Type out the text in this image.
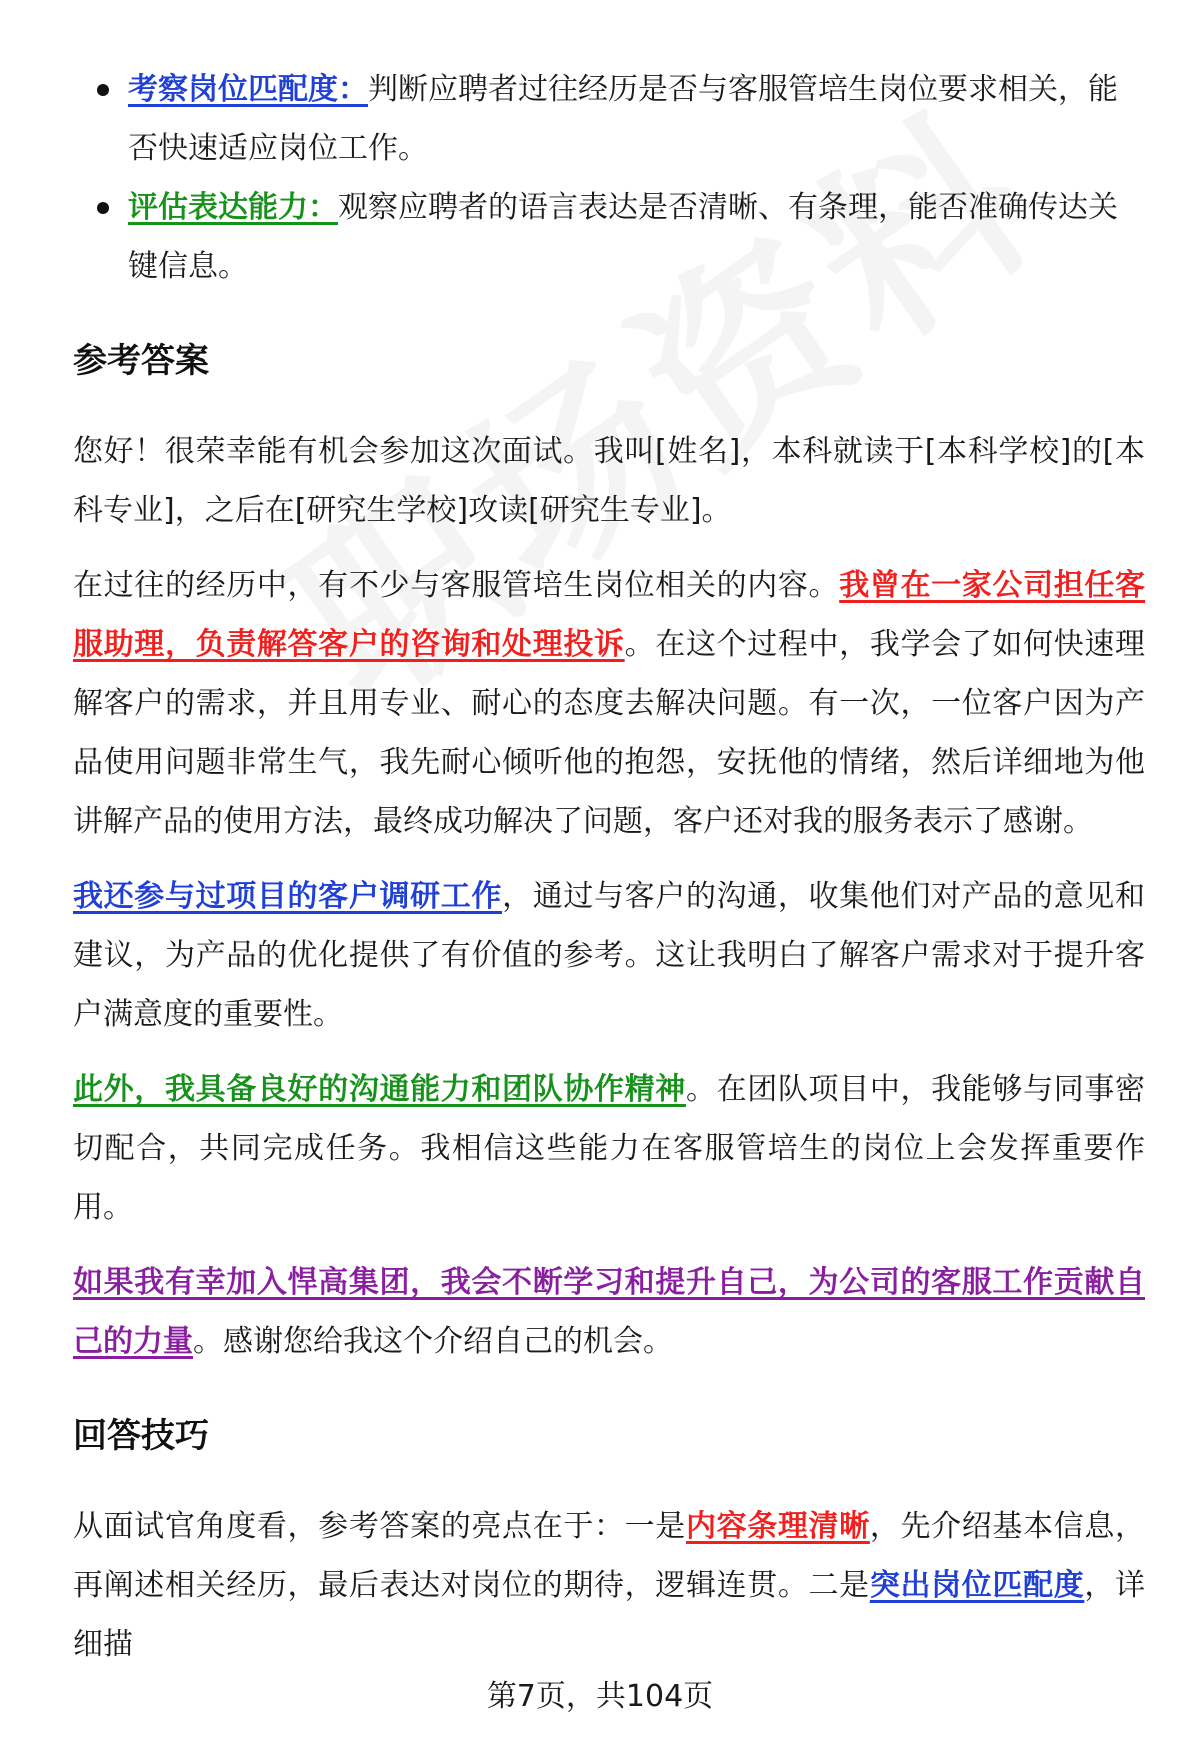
考察岗位匹配度：判断应聘者过往经历是否与客服管培生岗位要求相关，能否快速适应岗位工作。
评估表达能力：观察应聘者的语言表达是否清晰、有条理，能否准确传达关键信息。
参考答案

您好！很荣幸能有机会参加这次面试。我叫[姓名]，本科就读于[本科学校]的[本科专业]，之后在[研究生学校]攻读[研究生专业]。

在过往的经历中，有不少与客服管培生岗位相关的内容。我曾在一家公司担任客服助理，负责解答客户的咨询和处理投诉。在这个过程中，我学会了如何快速理解客户的需求，并且用专业、耐心的态度去解决问题。有一次，一位客户因为产品使用问题非常生气，我先耐心倾听他的抱怨，安抚他的情绪，然后详细地为他讲解产品的使用方法，最终成功解决了问题，客户还对我的服务表示了感谢。

我还参与过项目的客户调研工作，通过与客户的沟通，收集他们对产品的意见和建议，为产品的优化提供了有价值的参考。这让我明白了解客户需求对于提升客户满意度的重要性。

此外，我具备良好的沟通能力和团队协作精神。在团队项目中，我能够与同事密切配合，共同完成任务。我相信这些能力在客服管培生的岗位上会发挥重要作用。

如果我有幸加入悍高集团，我会不断学习和提升自己，为公司的客服工作贡献自己的力量。感谢您给我这个介绍自己的机会。

回答技巧

从面试官角度看，参考答案的亮点在于：一是内容条理清晰，先介绍基本信息，再阐述相关经历，最后表达对岗位的期待，逻辑连贯。二是突出岗位匹配度，详细描

第7页，共104页
